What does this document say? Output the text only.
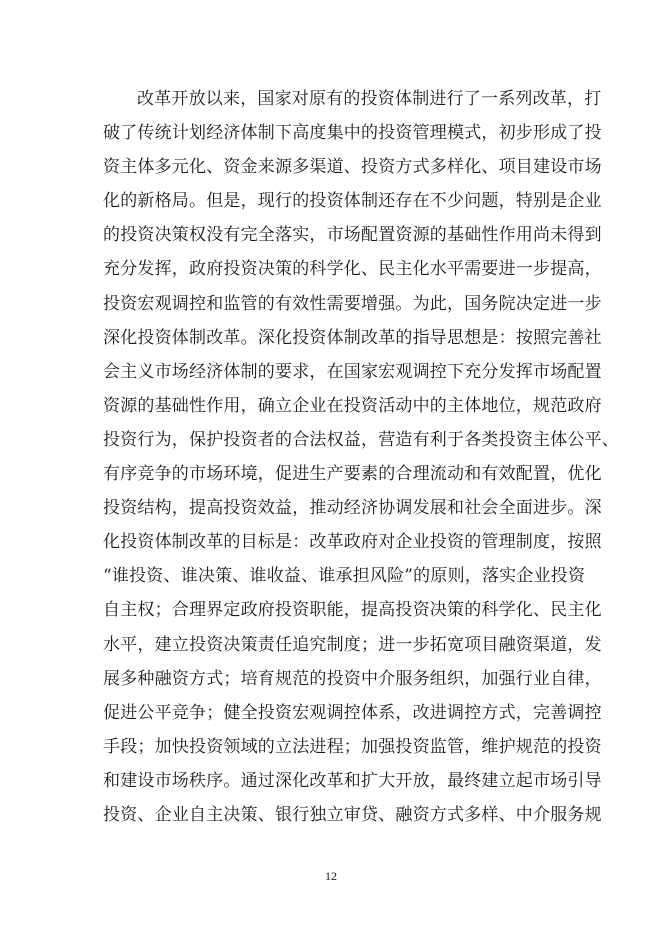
改革开放以来，国家对原有的投资体制进行了一系列改革，打
破了传统计划经济体制下高度集中的投资管理模式，初步形成了投
资主体多元化、资金来源多渠道、投资方式多样化、项目建设市场
化的新格局。但是，现行的投资体制还存在不少问题，特别是企业
的投资决策权没有完全落实，市场配置资源的基础性作用尚未得到
充分发挥，政府投资决策的科学化、民主化水平需要进一步提高，
投资宏观调控和监管的有效性需要增强。为此，国务院决定进一步
深化投资体制改革。深化投资体制改革的指导思想是：按照完善社
会主义市场经济体制的要求，在国家宏观调控下充分发挥市场配置
资源的基础性作用，确立企业在投资活动中的主体地位，规范政府
投资行为，保护投资者的合法权益，营造有利于各类投资主体公平、
有序竞争的市场环境，促进生产要素的合理流动和有效配置，优化
投资结构，提高投资效益，推动经济协调发展和社会全面进步。深
化投资体制改革的目标是：改革政府对企业投资的管理制度，按照
“谁投资、谁决策、谁收益、谁承担风险”的原则，落实企业投资
自主权；合理界定政府投资职能，提高投资决策的科学化、民主化
水平，建立投资决策责任追究制度；进一步拓宽项目融资渠道，发
展多种融资方式；培育规范的投资中介服务组织，加强行业自律，
促进公平竞争；健全投资宏观调控体系，改进调控方式，完善调控
手段；加快投资领域的立法进程；加强投资监管，维护规范的投资
和建设市场秩序。通过深化改革和扩大开放，最终建立起市场引导
投资、企业自主决策、银行独立审贷、融资方式多样、中介服务规
12
